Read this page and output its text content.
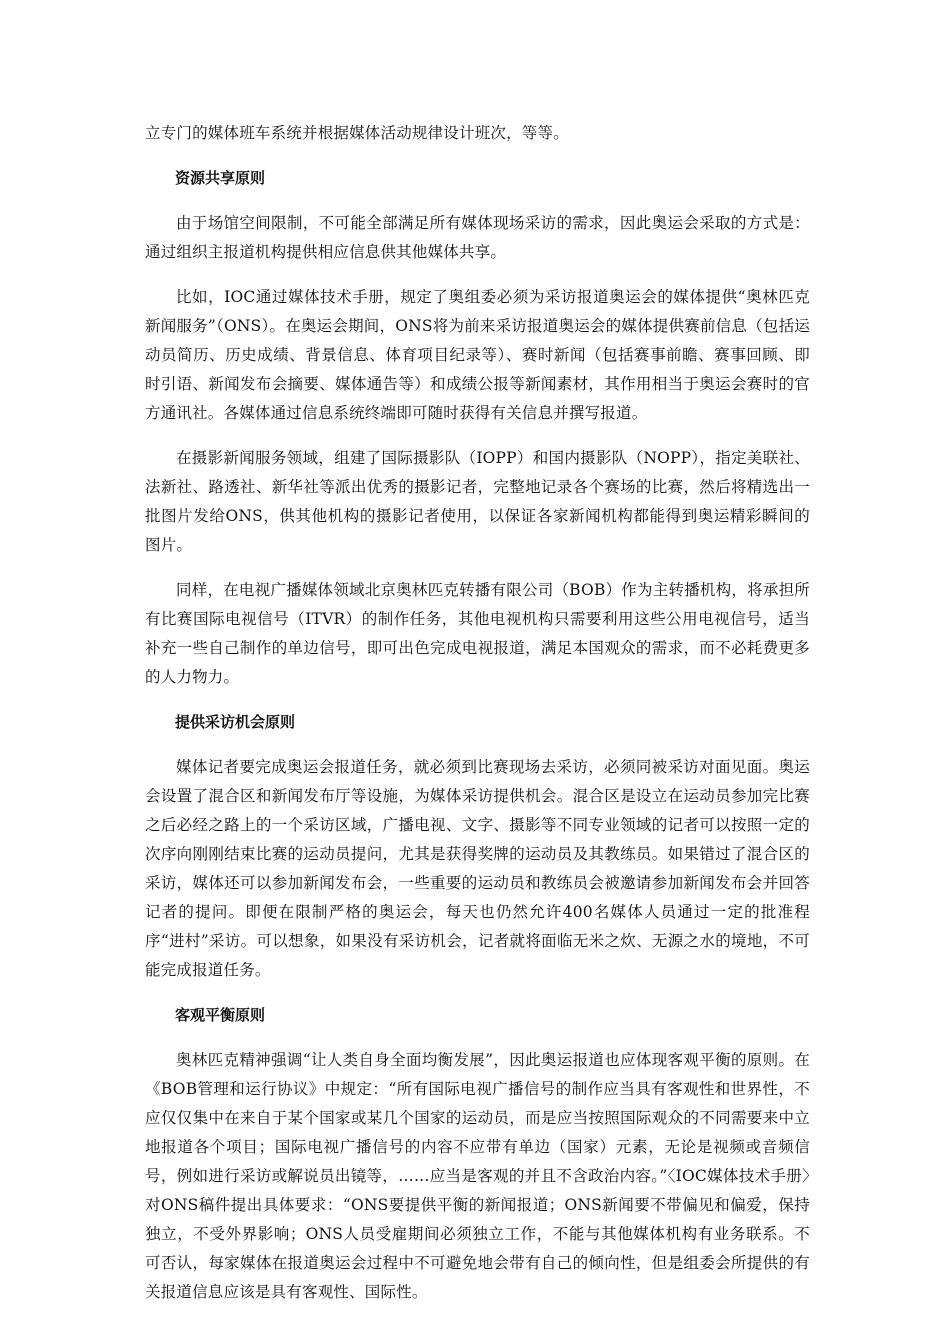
立专门的媒体班车系统并根据媒体活动规律设计班次，等等。

资源共享原则

由于场馆空间限制，不可能全部满足所有媒体现场采访的需求，因此奥运会采取的方式是：通过组织主报道机构提供相应信息供其他媒体共享。

比如，IOC通过媒体技术手册，规定了奥组委必须为采访报道奥运会的媒体提供“奥林匹克新闻服务”（ONS）。在奥运会期间，ONS将为前来采访报道奥运会的媒体提供赛前信息（包括运动员简历、历史成绩、背景信息、体育项目纪录等）、赛时新闻（包括赛事前瞻、赛事回顾、即时引语、新闻发布会摘要、媒体通告等）和成绩公报等新闻素材，其作用相当于奥运会赛时的官方通讯社。各媒体通过信息系统终端即可随时获得有关信息并撰写报道。

在摄影新闻服务领域，组建了国际摄影队（IOPP）和国内摄影队（NOPP），指定美联社、法新社、路透社、新华社等派出优秀的摄影记者，完整地记录各个赛场的比赛，然后将精选出一批图片发给ONS，供其他机构的摄影记者使用，以保证各家新闻机构都能得到奥运精彩瞬间的图片。

同样，在电视广播媒体领域北京奥林匹克转播有限公司（BOB）作为主转播机构，将承担所有比赛国际电视信号（ITVR）的制作任务，其他电视机构只需要利用这些公用电视信号，适当补充一些自己制作的单边信号，即可出色完成电视报道，满足本国观众的需求，而不必耗费更多的人力物力。

提供采访机会原则

媒体记者要完成奥运会报道任务，就必须到比赛现场去采访，必须同被采访对面见面。奥运会设置了混合区和新闻发布厅等设施，为媒体采访提供机会。混合区是设立在运动员参加完比赛之后必经之路上的一个采访区域，广播电视、文字、摄影等不同专业领域的记者可以按照一定的次序向刚刚结束比赛的运动员提问，尤其是获得奖牌的运动员及其教练员。如果错过了混合区的采访，媒体还可以参加新闻发布会，一些重要的运动员和教练员会被邀请参加新闻发布会并回答记者的提问。即便在限制严格的奥运会，每天也仍然允许400名媒体人员通过一定的批准程序“进村”采访。可以想象，如果没有采访机会，记者就将面临无米之炊、无源之水的境地，不可能完成报道任务。

客观平衡原则

奥林匹克精神强调“让人类自身全面均衡发展”，因此奥运报道也应体现客观平衡的原则。在《BOB管理和运行协议》中规定：“所有国际电视广播信号的制作应当具有客观性和世界性，不应仅仅集中在来自于某个国家或某几个国家的运动员，而是应当按照国际观众的不同需要来中立地报道各个项目；国际电视广播信号的内容不应带有单边（国家）元素，无论是视频或音频信号，例如进行采访或解说员出镜等，……应当是客观的并且不含政治内容。”〈IOC媒体技术手册〉对ONS稿件提出具体要求：“ONS要提供平衡的新闻报道；ONS新闻要不带偏见和偏爱，保持独立，不受外界影响；ONS人员受雇期间必须独立工作，不能与其他媒体机构有业务联系。不可否认，每家媒体在报道奥运会过程中不可避免地会带有自己的倾向性，但是组委会所提供的有关报道信息应该是具有客观性、国际性。
